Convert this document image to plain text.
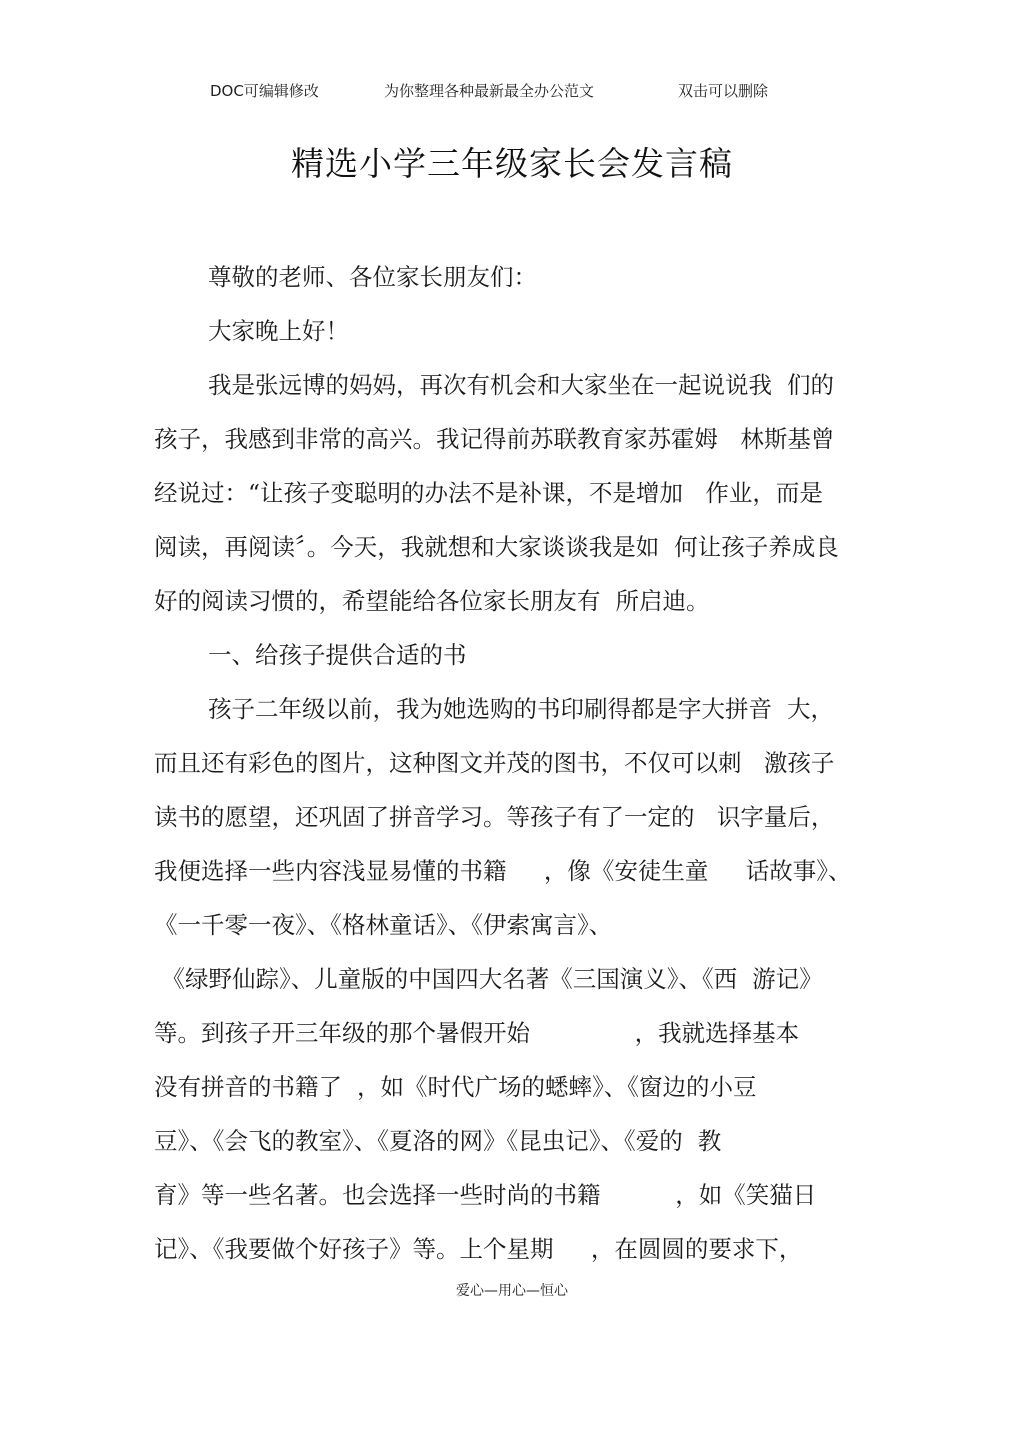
DOC可编辑修改	为你整理各种最新最全办公范文	双击可以删除
精选小学三年级家长会发言稿
尊敬的老师、各位家长朋友们：
大家晚上好！
我是张远博的妈妈，再次有机会和大家坐在一起说说我  们的
孩子，我感到非常的高兴。我记得前苏联教育家苏霍姆   林斯基曾
经说过：“让孩子变聪明的办法不是补课，不是增加   作业，而是
阅读，再阅读〞。今天，我就想和大家谈谈我是如  何让孩子养成良
好的阅读习惯的，希望能给各位家长朋友有  所启迪。
一、给孩子提供合适的书
孩子二年级以前，我为她选购的书印刷得都是字大拼音  大，
而且还有彩色的图片，这种图文并茂的图书，不仅可以刺   激孩子
读书的愿望，还巩固了拼音学习。等孩子有了一定的   识字量后，
我便选择一些内容浅显易懂的书籍     ，像《安徒生童     话故事》、
《一千零一夜》、《格林童话》、《伊索寓言》、
《绿野仙踪》、儿童版的中国四大名著《三国演义》、《西  游记》
等。到孩子开三年级的那个暑假开始              ，我就选择基本
没有拼音的书籍了  ，如《时代广场的蟋蟀》、《窗边的小豆
豆》、《会飞的教室》、《夏洛的网》《昆虫记》、《爱的  教
育》等一些名著。也会选择一些时尚的书籍          ，如《笑猫日
记》、《我要做个好孩子》等。上个星期     ，在圆圆的要求下，
爱心—用心—恒心
